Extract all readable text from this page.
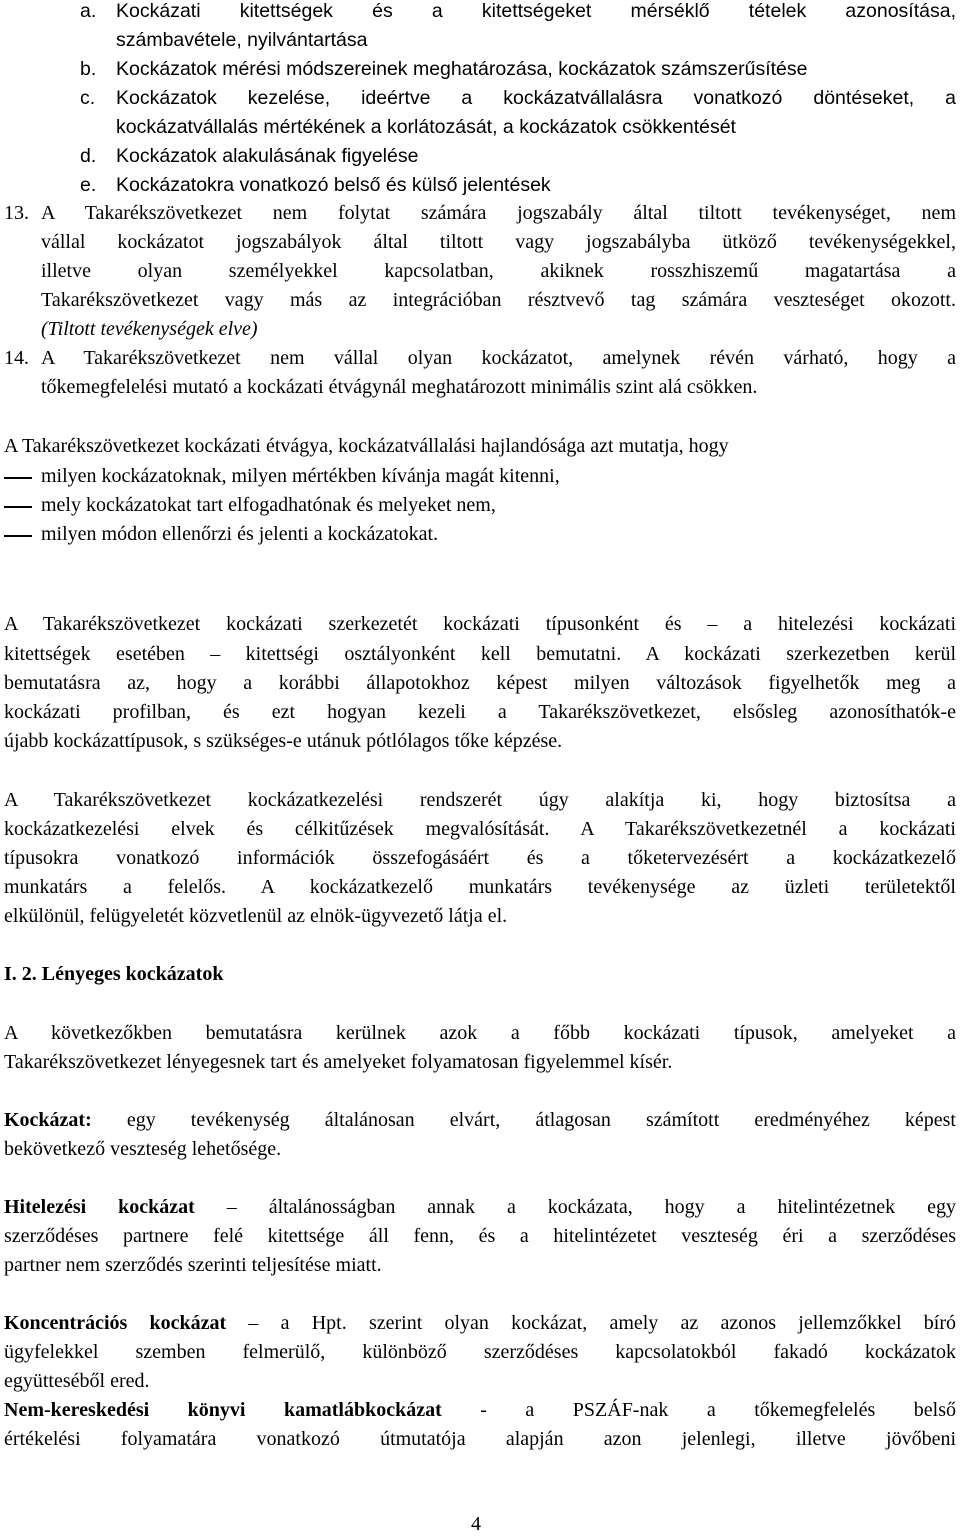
a. Kockázati kitettségek és a kitettségeket mérséklő tételek azonosítása,
számbavétele, nyilvántartása
b. Kockázatok mérési módszereinek meghatározása, kockázatok számszerűsítése
c. Kockázatok kezelése, ideértve a kockázatvállalásra vonatkozó döntéseket, a
kockázatvállalás mértékének a korlátozását, a kockázatok csökkentését
d. Kockázatok alakulásának figyelése
e. Kockázatokra vonatkozó belső és külső jelentések
13. A Takarékszövetkezet nem folytat számára jogszabály által tiltott tevékenységet, nem
vállal kockázatot jogszabályok által tiltott vagy jogszabályba ütköző tevékenységekkel,
illetve olyan személyekkel kapcsolatban, akiknek rosszhiszemű magatartása a
Takarékszövetkezet vagy más az integrációban résztvevő tag számára veszteséget okozott.
(Tiltott tevékenységek elve)
14. A Takarékszövetkezet nem vállal olyan kockázatot, amelynek révén várható, hogy a
tőkemegfelelési mutató a kockázati étvágynál meghatározott minimális szint alá csökken.
A Takarékszövetkezet kockázati étvágya, kockázatvállalási hajlandósága azt mutatja, hogy
milyen kockázatoknak, milyen mértékben kívánja magát kitenni,
mely kockázatokat tart elfogadhatónak és melyeket nem,
milyen módon ellenőrzi és jelenti a kockázatokat.
A Takarékszövetkezet kockázati szerkezetét kockázati típusonként és – a hitelezési kockázati
kitettségek esetében – kitettségi osztályonként kell bemutatni. A kockázati szerkezetben kerül
bemutatásra az, hogy a korábbi állapotokhoz képest milyen változások figyelhetők meg a
kockázati profilban, és ezt hogyan kezeli a Takarékszövetkezet, elsősleg azonosíthatók-e
újabb kockázattípusok, s szükséges-e utánuk pótlólagos tőke képzése.
A Takarékszövetkezet kockázatkezelési rendszerét úgy alakítja ki, hogy biztosítsa a
kockázatkezelési elvek és célkitűzések megvalósítását. A Takarékszövetkezetnél a kockázati
típusokra vonatkozó információk összefogásáért és a tőketervezésért a kockázatkezelő
munkatárs a felelős. A kockázatkezelő munkatárs tevékenysége az üzleti területektől
elkülönül, felügyeletét közvetlenül az elnök-ügyvezető látja el.
I. 2. Lényeges kockázatok
A következőkben bemutatásra kerülnek azok a főbb kockázati típusok, amelyeket a
Takarékszövetkezet lényegesnek tart és amelyeket folyamatosan figyelemmel kísér.
Kockázat: egy tevékenység általánosan elvárt, átlagosan számított eredményéhez képest
bekövetkező veszteség lehetősége.
Hitelezési kockázat – általánosságban annak a kockázata, hogy a hitelintézetnek egy
szerződéses partnere felé kitettsége áll fenn, és a hitelintézetet veszteség éri a szerződéses
partner nem szerződés szerinti teljesítése miatt.
Koncentrációs kockázat – a Hpt. szerint olyan kockázat, amely az azonos jellemzőkkel bíró
ügyfelekkel szemben felmerülő, különböző szerződéses kapcsolatokból fakadó kockázatok
együtteséből ered.
Nem-kereskedési könyvi kamatlábkockázat - a PSZÁF-nak a tőkemegfelelés belső
értékelési folyamatára vonatkozó útmutatója alapján azon jelenlegi, illetve jövőbeni
4
